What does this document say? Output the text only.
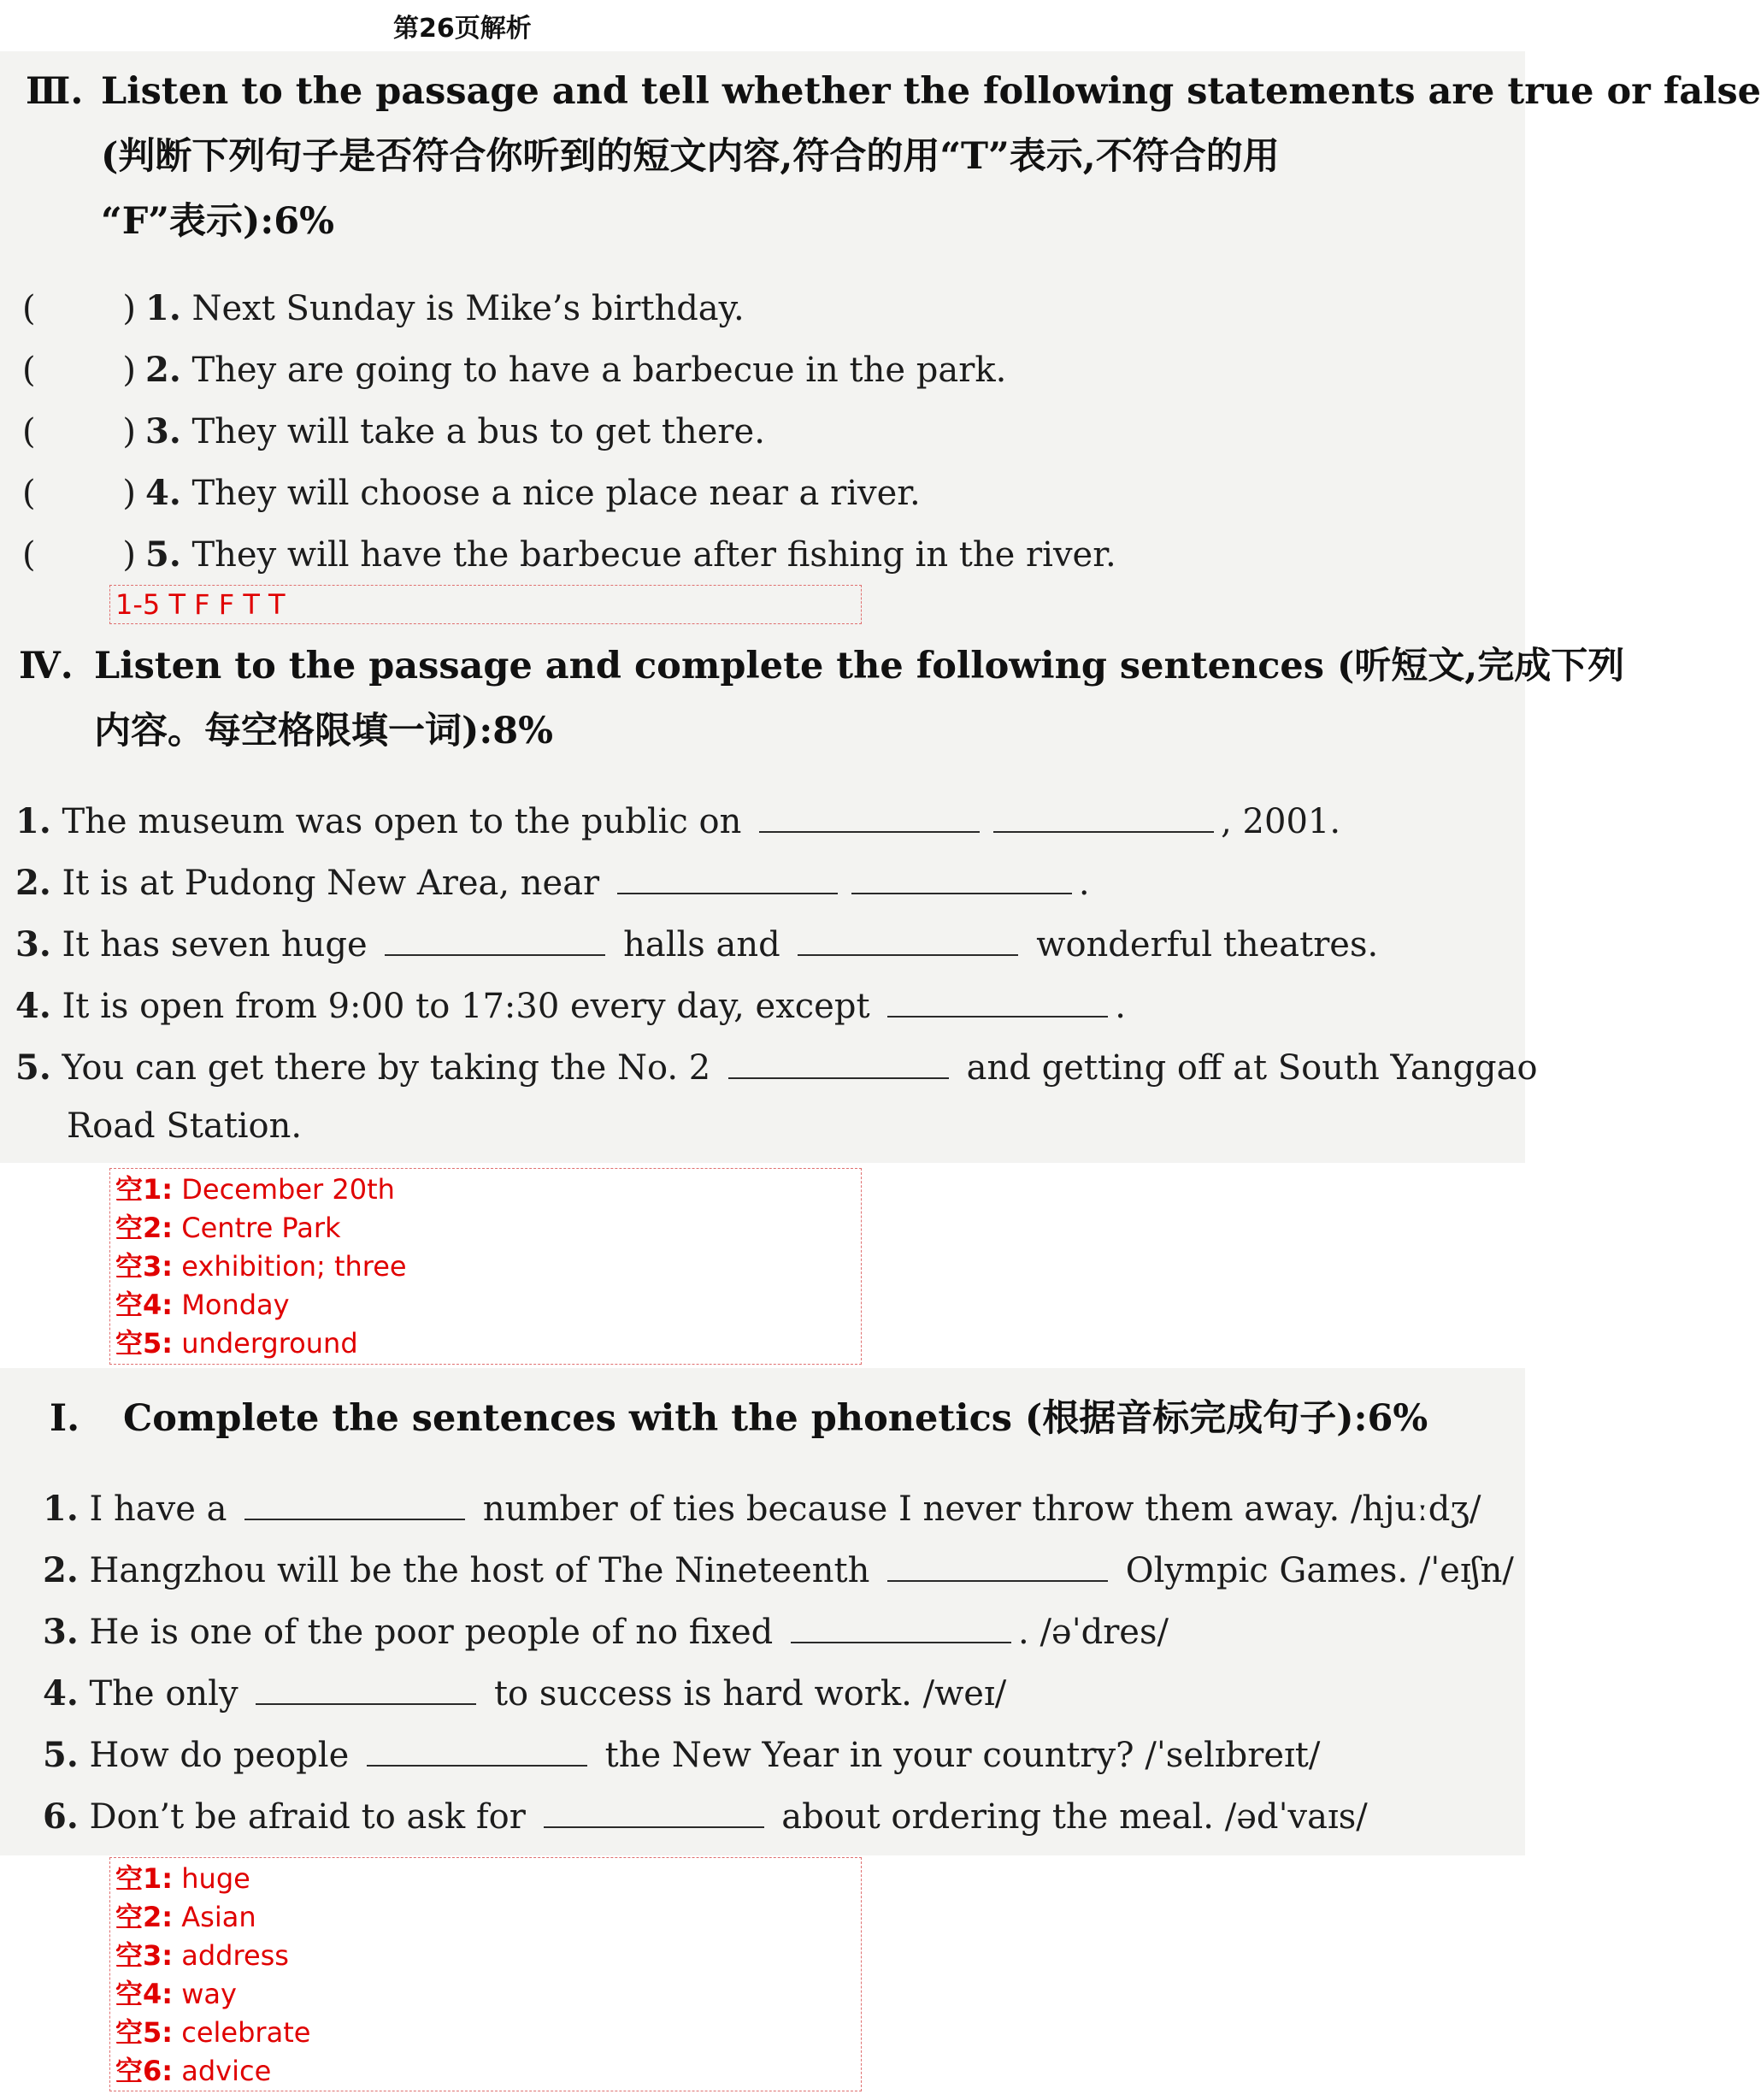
第26页解析
Ⅲ. Listen to the passage and tell whether the following statements are true or false
(判断下列句子是否符合你听到的短文内容,符合的用“T”表示,不符合的用
“F”表示):6%
(        ) 1. Next Sunday is Mike’s birthday.
(        ) 2. They are going to have a barbecue in the park.
(        ) 3. They will take a bus to get there.
(        ) 4. They will choose a nice place near a river.
(        ) 5. They will have the barbecue after fishing in the river.
1-5 T F F T T
Ⅳ. Listen to the passage and complete the following sentences (听短文,完成下列
内容。每空格限填一词):8%
1. The museum was open to the public on	, 2001.
2. It is at Pudong New Area, near	.
3. It has seven huge	halls and	wonderful theatres.
4. It is open from 9:00 to 17:30 every day, except	.
5. You can get there by taking the No. 2	and getting off at South Yanggao
Road Station.
空1: December 20th
空2: Centre Park
空3: exhibition; three
空4: Monday
空5: underground
Ⅰ. Complete the sentences with the phonetics (根据音标完成句子):6%
1. I have a	number of ties because I never throw them away. /hjuːdʒ/
2. Hangzhou will be the host of The Nineteenth	Olympic Games. /ˈeɪʃn/
3. He is one of the poor people of no fixed	. /əˈdres/
4. The only	to success is hard work. /weɪ/
5. How do people	the New Year in your country? /ˈselɪbreɪt/
6. Don’t be afraid to ask for	about ordering the meal. /ədˈvaɪs/
空1: huge
空2: Asian
空3: address
空4: way
空5: celebrate
空6: advice
